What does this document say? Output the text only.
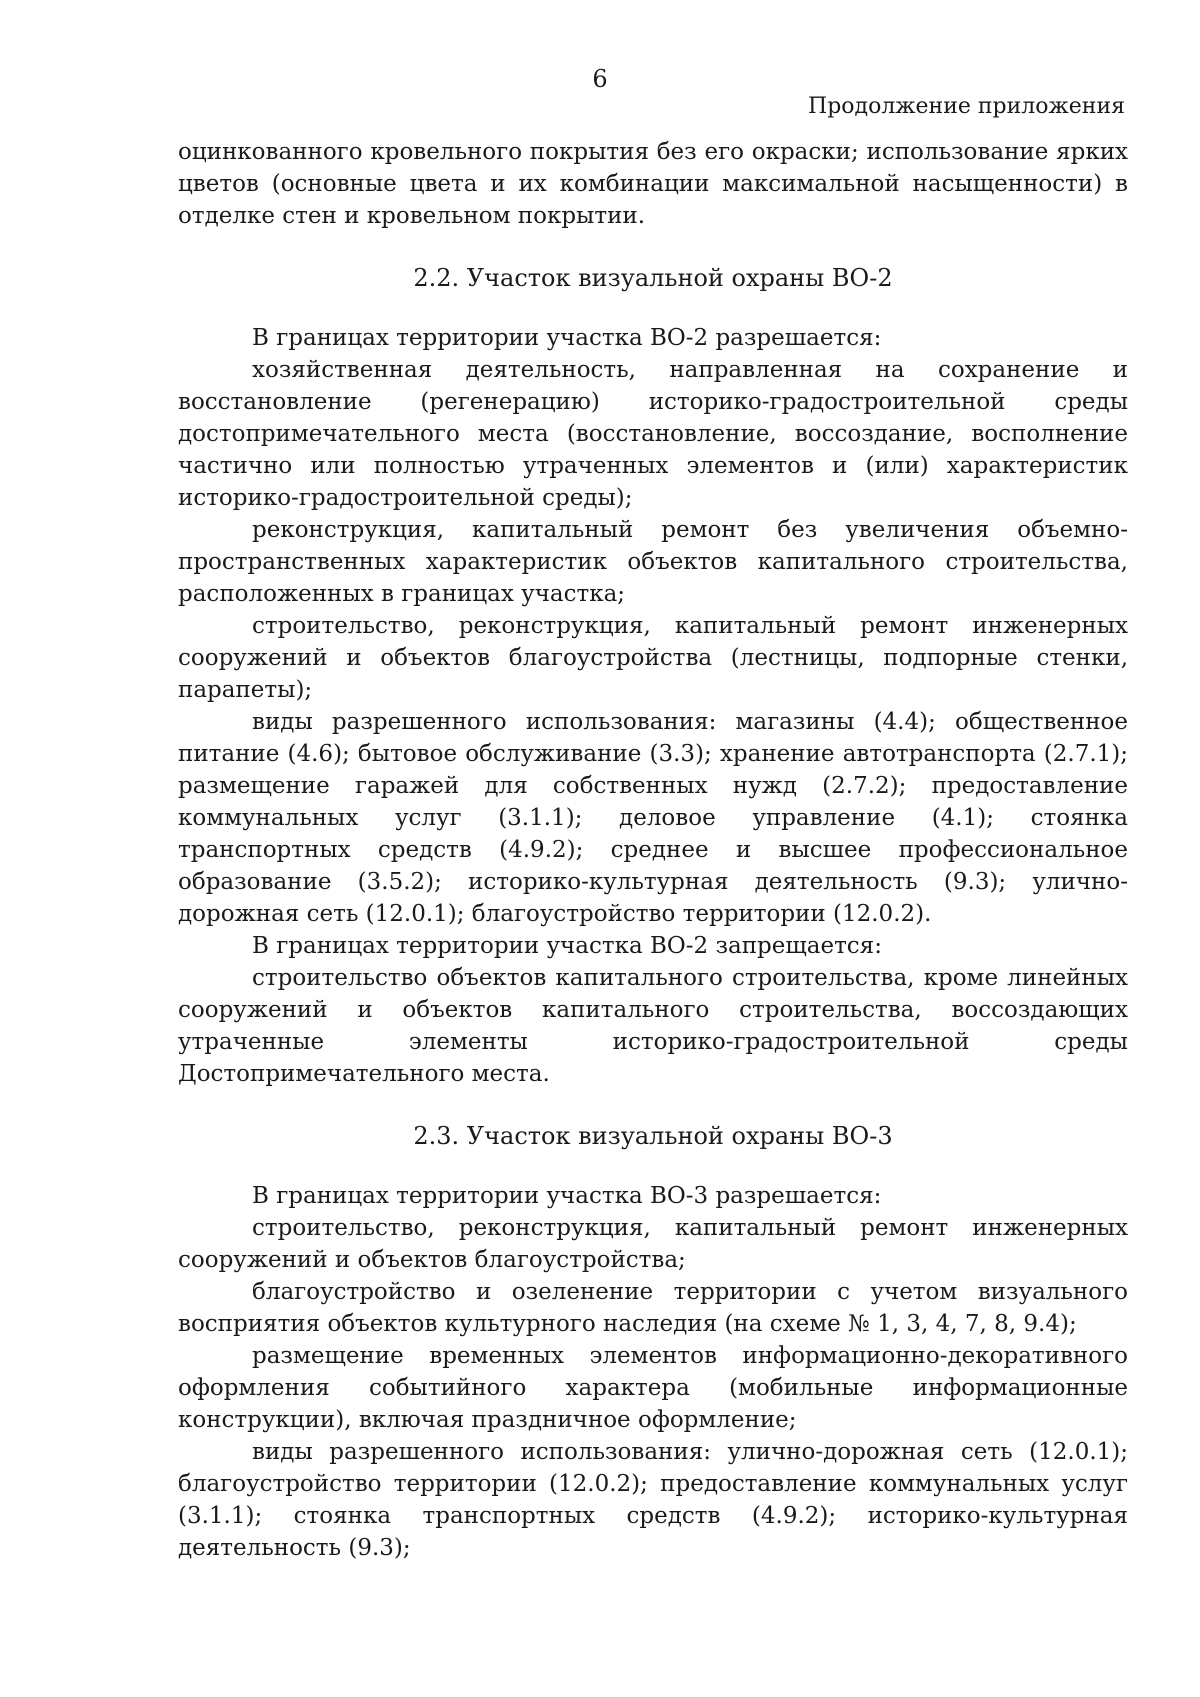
6
Продолжение приложения

оцинкованного кровельного покрытия без его окраски; использование ярких цветов (основные цвета и их комбинации максимальной насыщенности) в отделке стен и кровельном покрытии.

2.2. Участок визуальной охраны ВО-2

В границах территории участка ВО-2 разрешается:

хозяйственная деятельность, направленная на сохранение и восстановление (регенерацию) историко-градостроительной среды достопримечательного места (восстановление, воссоздание, восполнение частично или полностью утраченных элементов и (или) характеристик историко-градостроительной среды);

реконструкция, капитальный ремонт без увеличения объемно-пространственных характеристик объектов капитального строительства, расположенных в границах участка;

строительство, реконструкция, капитальный ремонт инженерных сооружений и объектов благоустройства (лестницы, подпорные стенки, парапеты);

виды разрешенного использования: магазины (4.4); общественное питание (4.6); бытовое обслуживание (3.3); хранение автотранспорта (2.7.1); размещение гаражей для собственных нужд (2.7.2); предоставление коммунальных услуг (3.1.1); деловое управление (4.1); стоянка транспортных средств (4.9.2); среднее и высшее профессиональное образование (3.5.2); историко-культурная деятельность (9.3); улично-дорожная сеть (12.0.1); благоустройство территории (12.0.2).

В границах территории участка ВО-2 запрещается:

строительство объектов капитального строительства, кроме линейных сооружений и объектов капитального строительства, воссоздающих утраченные элементы историко-градостроительной среды Достопримечательного места.

2.3. Участок визуальной охраны ВО-3

В границах территории участка ВО-3 разрешается:

строительство, реконструкция, капитальный ремонт инженерных сооружений и объектов благоустройства;

благоустройство и озеленение территории с учетом визуального восприятия объектов культурного наследия (на схеме № 1, 3, 4, 7, 8, 9.4);

размещение временных элементов информационно-декоративного оформления событийного характера (мобильные информационные конструкции), включая праздничное оформление;

виды разрешенного использования: улично-дорожная сеть (12.0.1); благоустройство территории (12.0.2); предоставление коммунальных услуг (3.1.1); стоянка транспортных средств (4.9.2); историко-культурная деятельность (9.3);
